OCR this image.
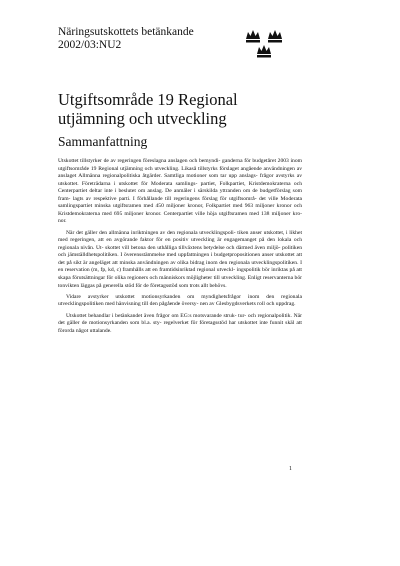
Näringsutskottets betänkande
2002/03:NU2
Utgiftsområde 19 Regional
utjämning och utveckling
Sammanfattning

Utskottet tillstyrker de av regeringen föreslagna anslagen och bemyndi- ganderna för budgetåret 2003 inom utgiftsområde 19 Regional utjämning och utveckling. Likaså tillstyrks förslaget angående användningen av anslaget Allmänna regionalpolitiska åtgärder. Samtliga motioner som tar upp anslags- frågor avstyrks av utskottet. Företrädarna i utskottet för Moderata samlings- partiet, Folkpartiet, Kristdemokraterna och Centerpartiet deltar inte i beslutet om anslag. De anmäler i särskilda yttranden om de budgetförslag som fram- lagts av respektive parti. I förhållande till regeringens förslag för utgiftsområ- det ville Moderata samlingspartiet minska utgiftsramen med 450 miljoner kronor, Folkpartiet med 963 miljoner kronor och Kristdemokraterna med 695 miljoner kronor. Centerpartiet ville höja utgiftsramen med 138 miljoner kro- nor.

När det gäller den allmänna inriktningen av den regionala utvecklingspoli- tiken anser utskottet, i likhet med regeringen, att en avgörande faktor för en positiv utveckling är engagemanget på den lokala och regionala nivån. Ut- skottet vill betona den uthålliga tillväxtens betydelse och därmed även miljö- politiken och jämställdhetspolitiken. I överensstämmelse med uppfattningen i budgetpropositionen anser utskottet att det på sikt är angeläget att minska användningen av olika bidrag inom den regionala utvecklingspolitiken. I en reservation (m, fp, kd, c) framhålls att en framtidsinriktad regional utveckl- ingspolitik bör inriktas på att skapa förutsättningar för olika regioners och människors möjligheter till utveckling. Enligt reservanterna bör tonvikten läggas på generella stöd för de företagsstöd som trots allt behövs.

Vidare avstyrker utskottet motionsyrkanden om myndighetsfrågor inom den regionala utvecklingspolitiken med hänvisning till den pågående översy- nen av Glesbygdsverkets roll och uppdrag.

Utskottet behandlar i betänkandet även frågor om EG:s motsvarande struk- tur- och regionalpolitik. När det gäller de motionsyrkanden som bl.a. sty- regelverket för företagsstöd har utskottet inte funnit skäl att förordа något uttalande.

1
